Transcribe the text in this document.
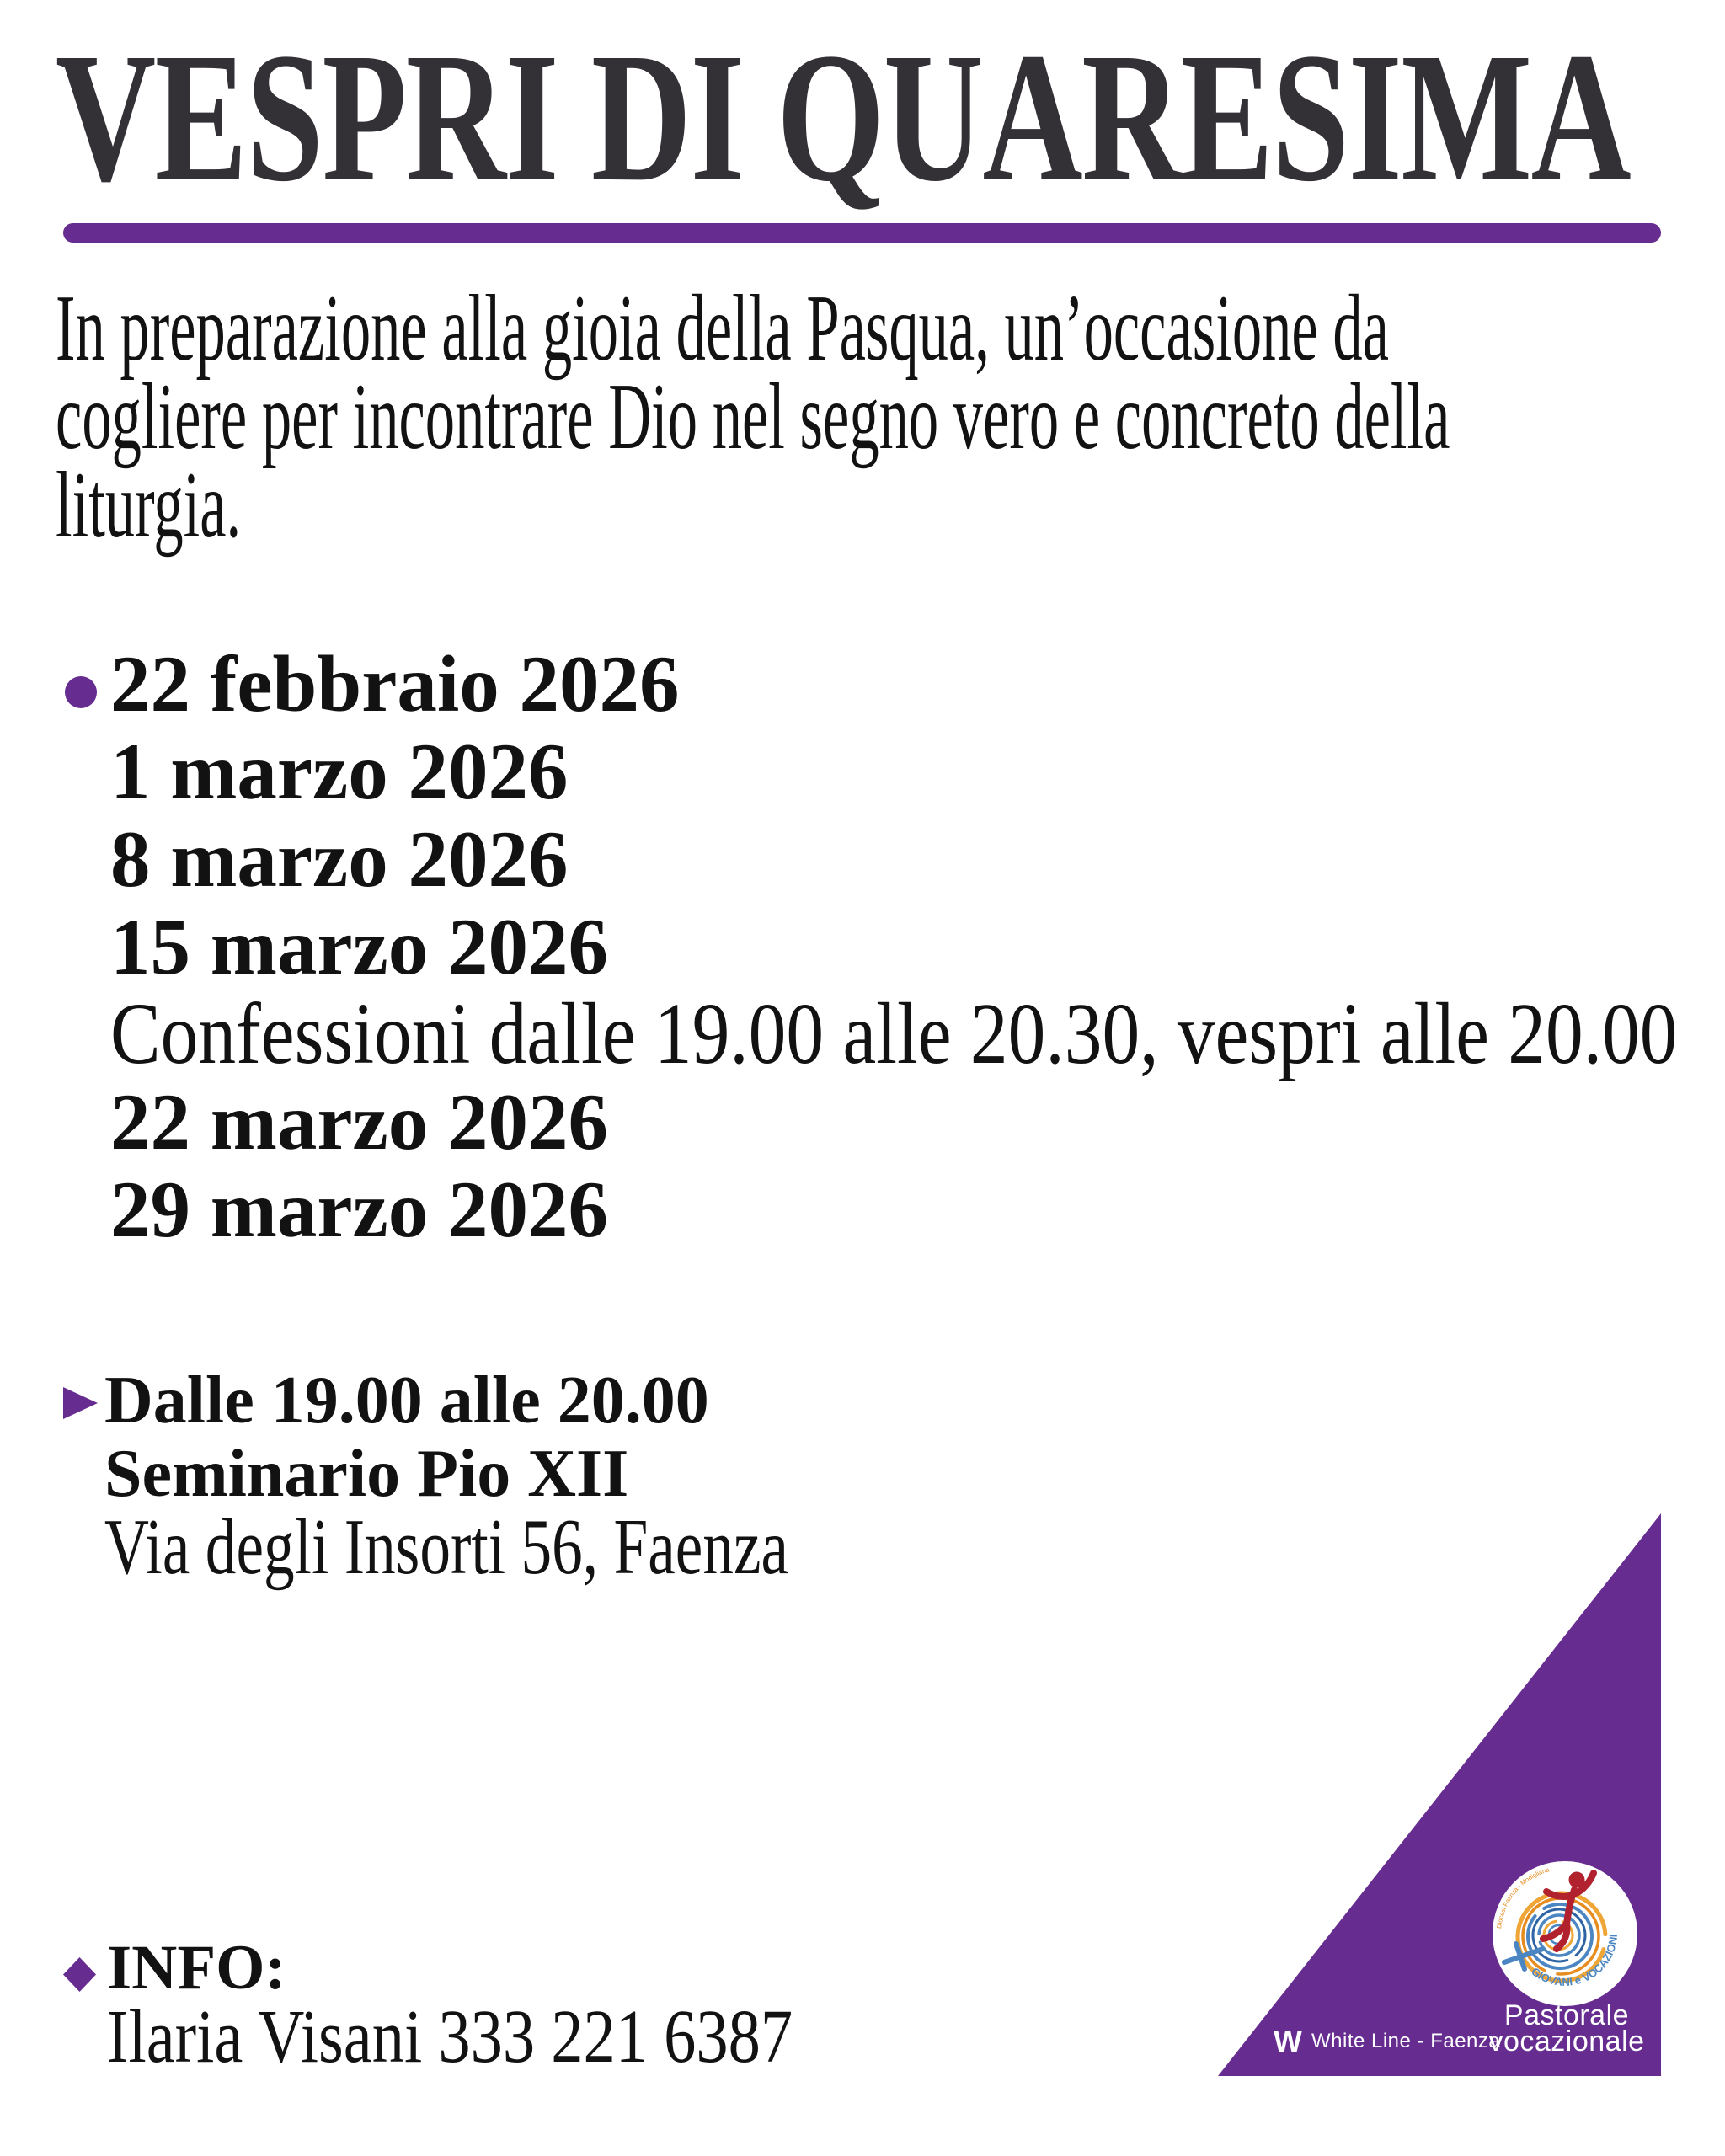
VESPRI DI QUARESIMA
In preparazione alla gioia della Pasqua, un’occasione da
cogliere per incontrare Dio nel segno vero e concreto della
liturgia.
22 febbraio 2026
1 marzo 2026
8 marzo 2026
15 marzo 2026
Confessioni dalle 19.00 alle 20.30, vespri alle 20.00
22 marzo 2026
29 marzo 2026
Dalle 19.00 alle 20.00
Seminario Pio XII
Via degli Insorti 56, Faenza
INFO:
Ilaria Visani 333 221 6387
GIOVANI e VOCAZIONI
Diocesi Faenza - Modigliana
Pastorale
vocazionale
W White Line - Faenza
